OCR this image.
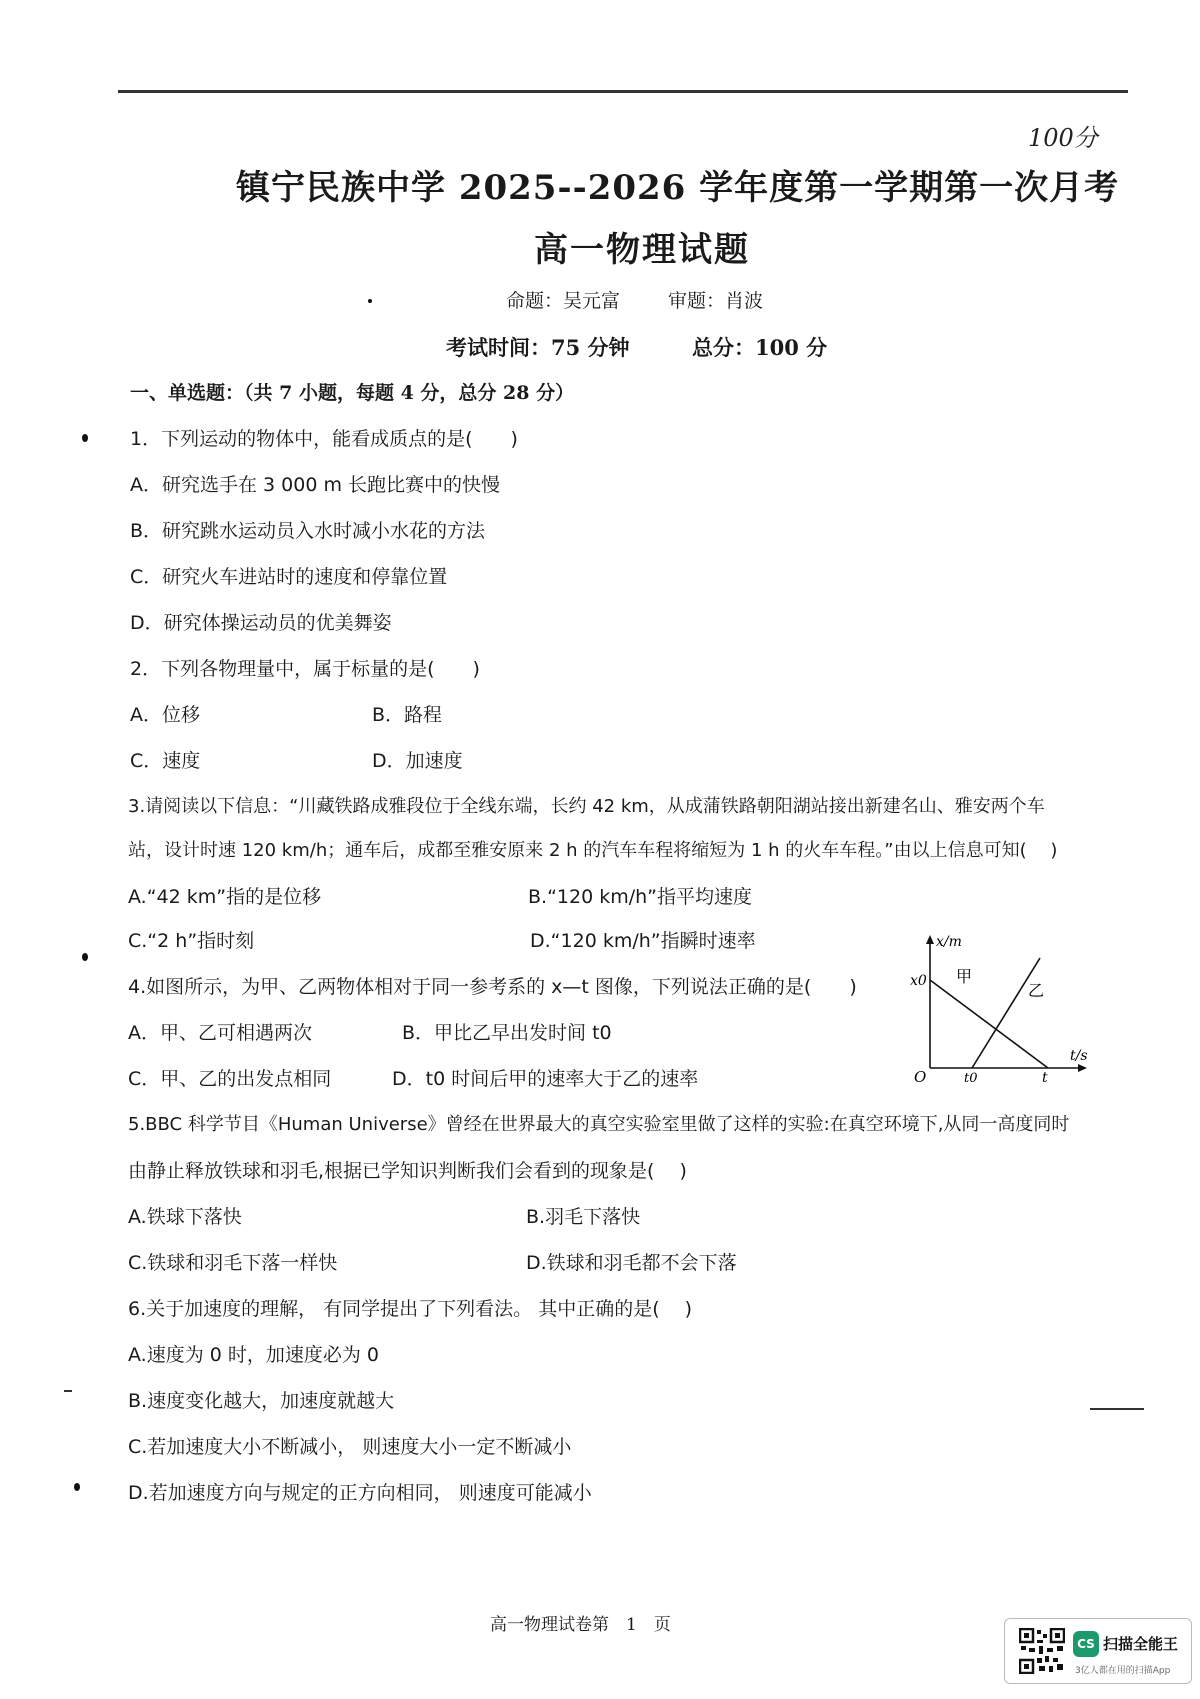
100分
镇宁民族中学 2025--2026 学年度第一学期第一次月考
高一物理试题
命题：吴元富	审题：肖波
考试时间：75 分钟	总分：100 分
一、单选题：（共 7 小题，每题 4 分，总分 28 分）
1．下列运动的物体中，能看成质点的是(　　)
A．研究选手在 3 000 m 长跑比赛中的快慢
B．研究跳水运动员入水时减小水花的方法
C．研究火车进站时的速度和停靠位置
D．研究体操运动员的优美舞姿
2．下列各物理量中，属于标量的是(　　)
A．位移	B．路程
C．速度	D．加速度
3.请阅读以下信息：“川藏铁路成雅段位于全线东端，长约 42 km，从成蒲铁路朝阳湖站接出新建名山、雅安两个车
站，设计时速 120 km/h；通车后，成都至雅安原来 2 h 的汽车车程将缩短为 1 h 的火车车程。”由以上信息可知(　 )
A.“42 km”指的是位移	B.“120 km/h”指平均速度
C.“2 h”指时刻	D.“120 km/h”指瞬时速率
4.如图所示，为甲、乙两物体相对于同一参考系的 x—t 图像，下列说法正确的是(　　)
A．甲、乙可相遇两次	B．甲比乙早出发时间 t0
C．甲、乙的出发点相同	D．t0 时间后甲的速率大于乙的速率
x/m
t/s
O
x0
t0	t
甲
乙
5.BBC 科学节目《Human Universe》曾经在世界最大的真空实验室里做了这样的实验:在真空环境下,从同一高度同时
由静止释放铁球和羽毛,根据已学知识判断我们会看到的现象是(　 )
A.铁球下落快	B.羽毛下落快
C.铁球和羽毛下落一样快	D.铁球和羽毛都不会下落
6.关于加速度的理解， 有同学提出了下列看法。 其中正确的是(　 )
A.速度为 0 时，加速度必为 0
B.速度变化越大，加速度就越大
C.若加速度大小不断减小， 则速度大小一定不断减小
D.若加速度方向与规定的正方向相同， 则速度可能减小
高一物理试卷第　1　页
CS 扫描全能王
3亿人都在用的扫描App
